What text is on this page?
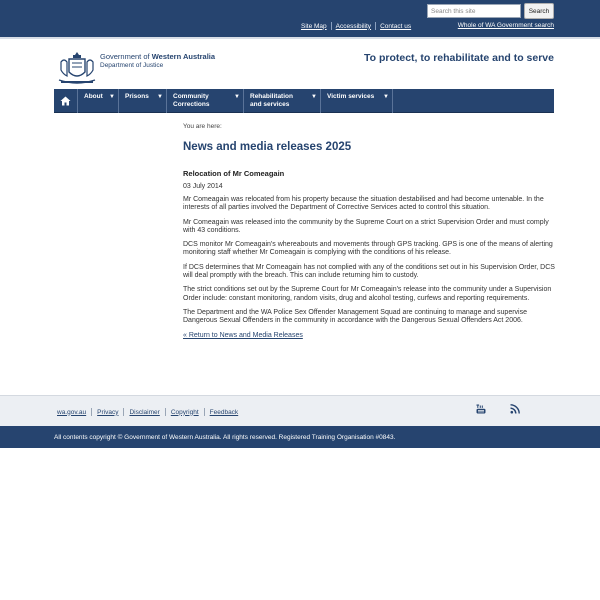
Search this site
Search
Site Map Accessibility Contact us	Whole of WA Government search
Government of Western Australia
Department of Justice
To protect, to rehabilitate and to serve
About ▼	Prisons ▼	Community Corrections
▼	Rehabilitation and services
▼	Victim services ▼
You are here:
News and media releases 2025
Relocation of Mr Comeagain
03 July 2014

Mr Comeagain was relocated from his property because the situation destabilised and had become untenable. In the interests of all parties involved the Department of Corrective Services acted to control this situation.

Mr Comeagain was released into the community by the Supreme Court on a strict Supervision Order and must comply with 43 conditions.

DCS monitor Mr Comeagain's whereabouts and movements through GPS tracking. GPS is one of the means of alerting monitoring staff whether Mr Comeagain is complying with the conditions of his release.

If DCS determines that Mr Comeagain has not complied with any of the conditions set out in his Supervision Order, DCS will deal promptly with the breach. This can include returning him to custody.

The strict conditions set out by the Supreme Court for Mr Comeagain's release into the community under a Supervision Order include: constant monitoring, random visits, drug and alcohol testing, curfews and reporting requirements.

The Department and the WA Police Sex Offender Management Squad are continuing to manage and supervise Dangerous Sexual Offenders in the community in accordance with the Dangerous Sexual Offenders Act 2006.

« Return to News and Media Releases
wa.gov.au Privacy Disclaimer Copyright Feedback
All contents copyright © Government of Western Australia. All rights reserved. Registered Training Organisation #0843.
